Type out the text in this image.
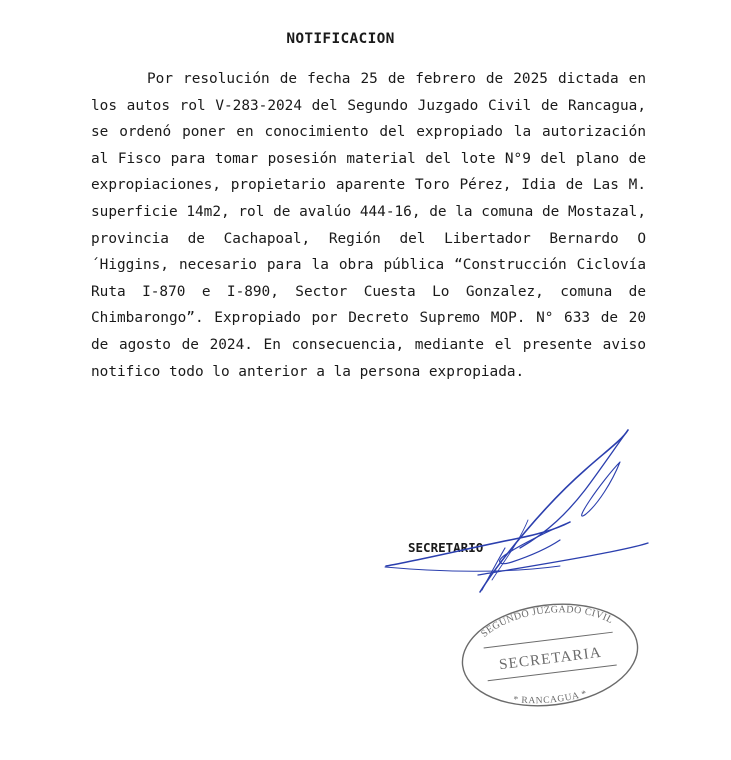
NOTIFICACION

Por resolución de fecha 25 de febrero de 2025 dictada en los autos rol V-283-2024 del Segundo Juzgado Civil de Rancagua, se ordenó poner en conocimiento del expropiado la autorización al Fisco para tomar posesión material del lote N°9 del plano de expropiaciones, propietario aparente Toro Pérez, Idia de Las M. superficie 14m2, rol de avalúo 444-16, de la comuna de Mostazal, provincia de Cachapoal, Región del Libertador Bernardo O´Higgins, necesario para la obra pública “Construcción Ciclovía Ruta I-870 e I-890, Sector Cuesta Lo Gonzalez, comuna de Chimbarongo”. Expropiado por Decreto Supremo MOP. N° 633 de 20 de agosto de 2024. En consecuencia, mediante el presente aviso notifico todo lo anterior a la persona expropiada.

SECRETARIO
SECRETARIA
SEGUNDO JUZGADO CIVIL
* RANCAGUA *
